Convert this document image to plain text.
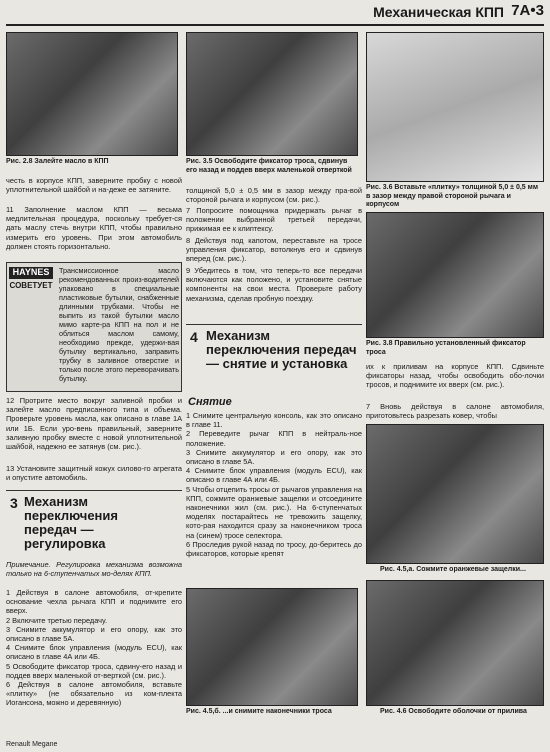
Механическая КПП 7A•3
Рис. 2.8 Залейте масло в КПП
честь в корпусе КПП, заверните пробку с новой уплотнительной шайбой и на-деже ее затяните.
11 Заполнение маслом КПП — весьма медлительная процедура, поскольку требует-ся дать маслу стечь внутри КПП, чтобы правильно измерить его уровень. При этом автомобиль должен стоять горизонтально.
HAYNES
СОВЕТУЕТ
Трансмиссионное масло рекомендованных произ-водителей упаковано в специальные пластиковые бутылки, снабженные длинными трубками. Чтобы не выпить из такой бутылки масло мимо карте-ра КПП на пол и не облиться маслом самому, необходимо прежде, удержи-вая бутылку вертикально, заправить трубку в заливное отверстие и только после этого переворачивать бутылку.
12 Протрите место вокруг заливной пробки и залейте масло предписанного типа и объема. Проверьте уровень масла, как описано в главе 1А или 1Б. Если уро-вень правильный, заверните заливную пробку вместе с новой уплотнительной шайбой, надежно ее затянув (см. рис.).
13 Установите защитный кожух силово-го агрегата и опустите автомобиль.
3 Механизм переключения передач — регулировка
Примечание. Регулировка механизма возможна только на 6-ступенчатых мо-делях КПП.
1 Действуя в салоне автомобиля, от-крепите основание чехла рычага КПП и поднимите его вверх.
2 Включите третью передачу.
3 Снимите аккумулятор и его опору, как это описано в главе 5А.
4 Снимите блок управления (модуль ECU), как описано в главе 4А или 4Б.
5 Освободите фиксатор троса, сдвину-его назад и поддев вверх маленькой от-верткой (см. рис.).
6 Действуя в салоне автомобиля, вставьте «плитку» (не обязательно из ком-плекта Иогансона, можно и деревянную)
Рис. 3.5 Освободите фиксатор троса, сдвинув его назад и поддев вверх маленькой отверткой
толщиной 5,0 ± 0,5 мм в зазор между пра-вой стороной рычага и корпусом (см. рис.).
7 Попросите помощника придержать рычаг в положении выбранной третьей передачи, прижимая ее к клиптексу.
8 Действуя под капотом, переставьте на тросе управления фиксатор, вотолкнув его и сдвинув вперед (см. рис.).
9 Убедитесь в том, что теперь-то все передачи включаются как положено, и установите снятые компоненты на свои места. Проверьте работу механизма, сделав пробную поездку.
4 Механизм переключения передач — снятие и установка
Снятие
1 Снимите центральную консоль, как это описано в главе 11.
2 Переведите рычаг КПП в нейтраль-ное положение.
3 Снимите аккумулятор и его опору, как это описано в главе 5А.
4 Снимите блок управления (модуль ECU), как описано в главе 4А или 4Б.
5 Чтобы отцепить тросы от рычагов управления на КПП, сожмите оранжевые защелки и отсоедините наконечники жил (см. рис.). На 6-ступенчатых моделях постарайтесь не тревожить защелку, кото-рая находится сразу за наконечником троса на (синем) тросе селектора.
6 Проследив рукой назад по тросу, до-беритесь до фиксаторов, которые крепят
Рис. 4.5,б. ...и снимите наконечники троса
Рис. 3.6 Вставьте «плитку» толщиной 5,0 ± 0,5 мм в зазор между правой стороной рычага и корпусом
Рис. 3.8 Правильно установленный фиксатор троса
их к приливам на корпусе КПП. Сдвиньте фиксаторы назад, чтобы освободить обо-лочки тросов, и поднимите их вверх (см. рис.).
7 Вновь действуя в салоне автомобиля, приготовьтесь разрезать ковер, чтобы
Рис. 4.5,а. Сожмите оранжевые защелки...
Рис. 4.6 Освободите оболочки от прилива
Renault Megane
